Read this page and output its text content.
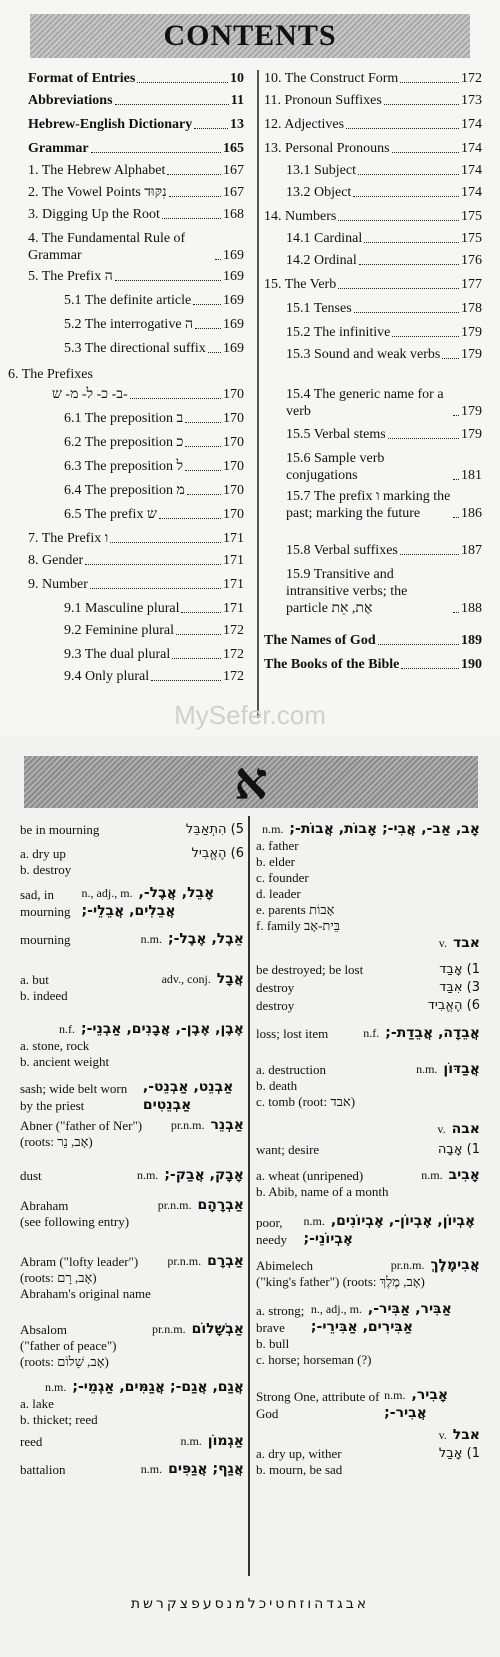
CONTENTS
Format of Entries	10
Abbreviations	11
Hebrew-English Dictionary	13
Grammar	165
1. The Hebrew Alphabet	167
2. The Vowel Points נִקּוּד	167
3. Digging Up the Root	168
4. The Fundamental Rule of Grammar	169
5. The Prefix ה	169
5.1 The definite article 169
5.2 The interrogative ה 169
5.3 The directional suffix 169
6. The Prefixes
ב- כ- ל- מ- ש-	170
6.1 The preposition ב	170
6.2 The preposition כ	170
6.3 The preposition ל	170
6.4 The preposition מ	170
6.5 The prefix ש	170
7. The Prefix ו	171
8. Gender	171
9. Number	171
9.1 Masculine plural	171
9.2 Feminine plural	172
9.3 The dual plural	172
9.4 Only plural	172
10. The Construct Form	172
11. Pronoun Suffixes	173
12. Adjectives	174
13. Personal Pronouns	174
13.1 Subject	174
13.2 Object	174
14. Numbers	175
14.1 Cardinal	175
14.2 Ordinal	176
15. The Verb	177
15.1 Tenses	178
15.2 The infinitive	179
15.3 Sound and weak verbs 179
15.4 The generic name for a verb	179
15.5 Verbal stems	179
15.6 Sample verb conjugations	181
15.7 The prefix ו marking the past; marking the future	186
15.8 Verbal suffixes	187
15.9 Transitive and intransitive verbs; the particle אֶת, אֵת	188
The Names of God	189
The Books of the Bible	190
MySefer.com
א
be in mourning	5) הִתְאַבֵּל
a. dry up	6) הֶאֱבִיל
b. destroy
sad, in mourning
n., adj., m. אָבֵל, אֲבֶל-, אֲבֵלִים, אֲבֵלֵי-;
mourning	n.m. אֵבֶל, אֶבֶל-;
a. but	adv., conj. אֲבָל
b. indeed
n.f. אֶבֶן, אֶבֶן-, אֲבָנִים, אַבְנֵי-;
a. stone, rock
b. ancient weight
sash; wide belt worn by the priest
אַבְנֵט, אַבְנֵט-, אַבְנֵטִים
Abner ("father of Ner") pr.n.m. אַבְנֵר
(roots: אָב, נֵר)
dust	n.m. אָבָק, אֲבַק-;
Abraham	pr.n.m. אַבְרָהָם
(see following entry)
Abram ("lofty leader") pr.n.m. אַבְרָם
(roots: אָב, רָם)
Abraham's original name
Absalom	pr.n.m. אַבְשָׁלוֹם
("father of peace")
(roots: אָב, שָׁלוֹם)
n.m. אֲגַם, אֲגַם-; אֲגַמִּים, אַגְמֵי-;
a. lake
b. thicket; reed
reed	n.m. אַגְמוֹן
battalion	n.m. אֲגַף; אֲגַפִּים
n.m. אָב, אַב-, אֲבִי-; אָבוֹת, אֲבוֹת-;
a. father
b. elder
c. founder
d. leader
e. parents אָבוֹת
f. family בֵּית-אָב
v. אבד
be destroyed; be lost	1) אָבַד
destroy	3) אִבַּד
destroy	6) הֶאֱבִיד
loss; lost item	n.f. אֲבֵדָה, אֲבֵדַת-;
a. destruction	n.m. אֲבַדּוֹן
b. death
c. tomb (root: אבד)
v. אבה
want; desire	1) אָבָה
a. wheat (unripened)	n.m. אָבִיב
b. Abib, name of a month
poor, needy
n.m. אֶבְיוֹן, אֶבְיוֹן-, אֶבְיוֹנִים, אֶבְיוֹנֵי-;
Abimelech	pr.n.m. אֲבִימֶלֶךְ
("king's father") (roots: אָב, מֶלֶךְ)
a. strong; brave
n., adj., m. אַבִּיר, אַבִּיר-, אַבִּירִים, אַבִּירֵי-;
b. bull
c. horse; horseman (?)
Strong One, attribute of God
n.m. אָבִיר, אֲבִיר-;
v. אבל
a. dry up, wither	1) אָבַל
b. mourn, be sad
אבגדהוזחטיכלמנסעפצקרשת
